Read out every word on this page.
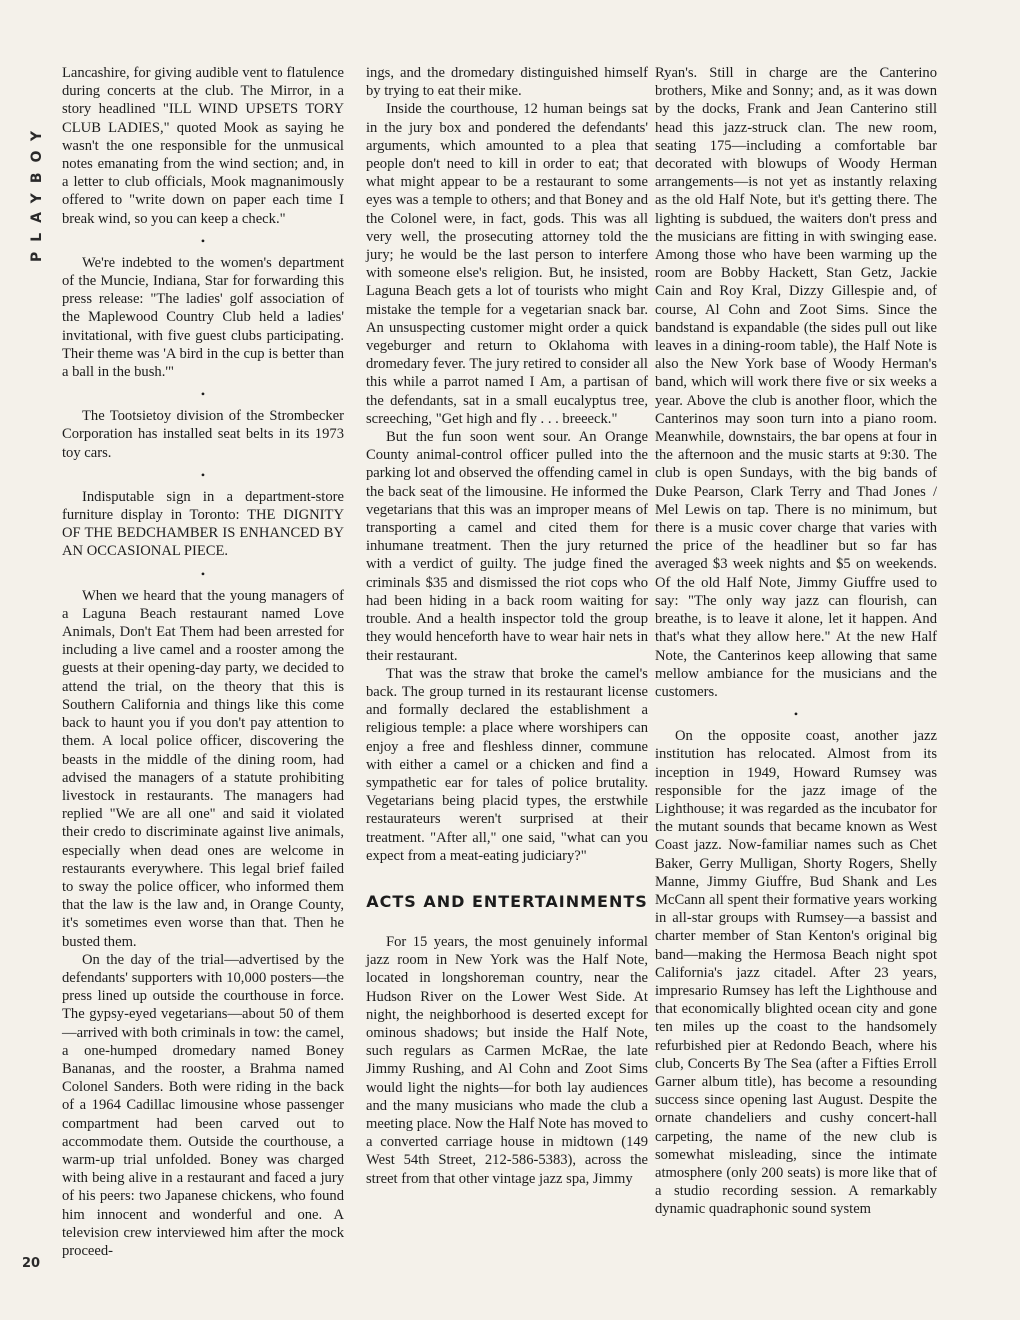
PLAYBOY
20

Lancashire, for giving audible vent to flatulence during concerts at the club. The Mirror, in a story headlined "ILL WIND UPSETS TORY CLUB LADIES," quoted Mook as saying he wasn't the one responsible for the unmusical notes emanating from the wind section; and, in a letter to club officials, Mook magnanimously offered to "write down on paper each time I break wind, so you can keep a check."

•

We're indebted to the women's department of the Muncie, Indiana, Star for forwarding this press release: "The ladies' golf association of the Maplewood Country Club held a ladies' invitational, with five guest clubs participating. Their theme was 'A bird in the cup is better than a ball in the bush.'"

•

The Tootsietoy division of the Strombecker Corporation has installed seat belts in its 1973 toy cars.

•

Indisputable sign in a department-store furniture display in Toronto: THE DIGNITY OF THE BEDCHAMBER IS ENHANCED BY AN OCCASIONAL PIECE.

•

When we heard that the young managers of a Laguna Beach restaurant named Love Animals, Don't Eat Them had been arrested for including a live camel and a rooster among the guests at their opening-day party, we decided to attend the trial, on the theory that this is Southern California and things like this come back to haunt you if you don't pay attention to them. A local police officer, discovering the beasts in the middle of the dining room, had advised the managers of a statute prohibiting livestock in restaurants. The managers had replied "We are all one" and said it violated their credo to discriminate against live animals, especially when dead ones are welcome in restaurants everywhere. This legal brief failed to sway the police officer, who informed them that the law is the law and, in Orange County, it's sometimes even worse than that. Then he busted them.

On the day of the trial—advertised by the defendants' supporters with 10,000 posters—the press lined up outside the courthouse in force. The gypsy-eyed vegetarians—about 50 of them—arrived with both criminals in tow: the camel, a one-humped dromedary named Boney Bananas, and the rooster, a Brahma named Colonel Sanders. Both were riding in the back of a 1964 Cadillac limousine whose passenger compartment had been carved out to accommodate them. Outside the courthouse, a warm-up trial unfolded. Boney was charged with being alive in a restaurant and faced a jury of his peers: two Japanese chickens, who found him innocent and wonderful and one. A television crew interviewed him after the mock proceed-

ings, and the dromedary distinguished himself by trying to eat their mike.

Inside the courthouse, 12 human beings sat in the jury box and pondered the defendants' arguments, which amounted to a plea that people don't need to kill in order to eat; that what might appear to be a restaurant to some eyes was a temple to others; and that Boney and the Colonel were, in fact, gods. This was all very well, the prosecuting attorney told the jury; he would be the last person to interfere with someone else's religion. But, he insisted, Laguna Beach gets a lot of tourists who might mistake the temple for a vegetarian snack bar. An unsuspecting customer might order a quick vegeburger and return to Oklahoma with dromedary fever. The jury retired to consider all this while a parrot named I Am, a partisan of the defendants, sat in a small eucalyptus tree, screeching, "Get high and fly . . . breeeck."

But the fun soon went sour. An Orange County animal-control officer pulled into the parking lot and observed the offending camel in the back seat of the limousine. He informed the vegetarians that this was an improper means of transporting a camel and cited them for inhumane treatment. Then the jury returned with a verdict of guilty. The judge fined the criminals $35 and dismissed the riot cops who had been hiding in a back room waiting for trouble. And a health inspector told the group they would henceforth have to wear hair nets in their restaurant.

That was the straw that broke the camel's back. The group turned in its restaurant license and formally declared the establishment a religious temple: a place where worshipers can enjoy a free and fleshless dinner, commune with either a camel or a chicken and find a sympathetic ear for tales of police brutality. Vegetarians being placid types, the erstwhile restaurateurs weren't surprised at their treatment. "After all," one said, "what can you expect from a meat-eating judiciary?"

ACTS AND ENTERTAINMENTS

For 15 years, the most genuinely informal jazz room in New York was the Half Note, located in longshoreman country, near the Hudson River on the Lower West Side. At night, the neighborhood is deserted except for ominous shadows; but inside the Half Note, such regulars as Carmen McRae, the late Jimmy Rushing, and Al Cohn and Zoot Sims would light the nights—for both lay audiences and the many musicians who made the club a meeting place. Now the Half Note has moved to a converted carriage house in midtown (149 West 54th Street, 212-586-5383), across the street from that other vintage jazz spa, Jimmy

Ryan's. Still in charge are the Canterino brothers, Mike and Sonny; and, as it was down by the docks, Frank and Jean Canterino still head this jazz-struck clan. The new room, seating 175—including a comfortable bar decorated with blowups of Woody Herman arrangements—is not yet as instantly relaxing as the old Half Note, but it's getting there. The lighting is subdued, the waiters don't press and the musicians are fitting in with swinging ease. Among those who have been warming up the room are Bobby Hackett, Stan Getz, Jackie Cain and Roy Kral, Dizzy Gillespie and, of course, Al Cohn and Zoot Sims. Since the bandstand is expandable (the sides pull out like leaves in a dining-room table), the Half Note is also the New York base of Woody Herman's band, which will work there five or six weeks a year. Above the club is another floor, which the Canterinos may soon turn into a piano room. Meanwhile, downstairs, the bar opens at four in the afternoon and the music starts at 9:30. The club is open Sundays, with the big bands of Duke Pearson, Clark Terry and Thad Jones / Mel Lewis on tap. There is no minimum, but there is a music cover charge that varies with the price of the headliner but so far has averaged $3 week nights and $5 on weekends. Of the old Half Note, Jimmy Giuffre used to say: "The only way jazz can flourish, can breathe, is to leave it alone, let it happen. And that's what they allow here." At the new Half Note, the Canterinos keep allowing that same mellow ambiance for the musicians and the customers.

•

On the opposite coast, another jazz institution has relocated. Almost from its inception in 1949, Howard Rumsey was responsible for the jazz image of the Lighthouse; it was regarded as the incubator for the mutant sounds that became known as West Coast jazz. Now-familiar names such as Chet Baker, Gerry Mulligan, Shorty Rogers, Shelly Manne, Jimmy Giuffre, Bud Shank and Les McCann all spent their formative years working in all-star groups with Rumsey—a bassist and charter member of Stan Kenton's original big band—making the Hermosa Beach night spot California's jazz citadel. After 23 years, impresario Rumsey has left the Lighthouse and that economically blighted ocean city and gone ten miles up the coast to the handsomely refurbished pier at Redondo Beach, where his club, Concerts By The Sea (after a Fifties Erroll Garner album title), has become a resounding success since opening last August. Despite the ornate chandeliers and cushy concert-hall carpeting, the name of the new club is somewhat misleading, since the intimate atmosphere (only 200 seats) is more like that of a studio recording session. A remarkably dynamic quadraphonic sound system
